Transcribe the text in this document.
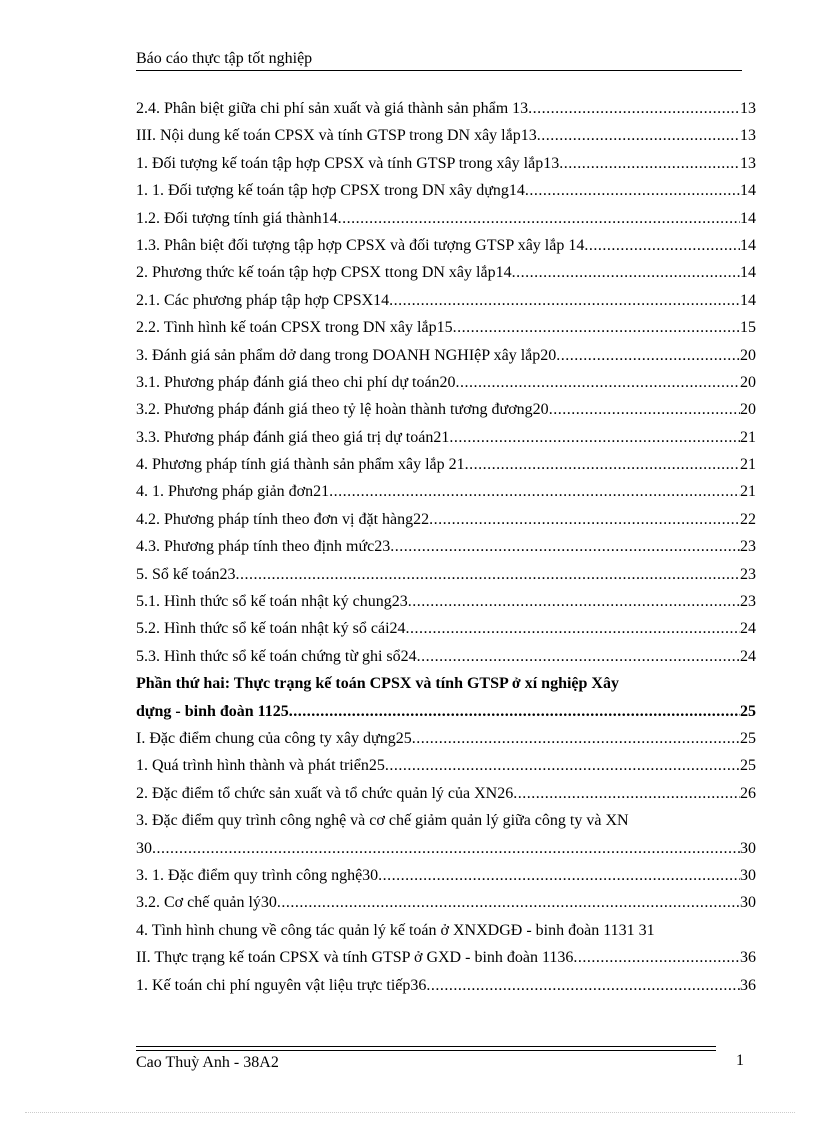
Báo cáo thực tập tốt nghiệp
2.4. Phân biệt giữa chi phí sản xuất và giá thành sản phẩm 13 .....	13
III. Nội dung kế toán CPSX và tính GTSP trong DN xây lắp13 .....	13
1. Đối tượng kế toán tập hợp CPSX và tính GTSP trong xây lắp13 .....	13
1. 1. Đối tượng kế toán tập hợp CPSX trong DN xây dựng14 .....	14
1.2. Đối tượng tính giá thành14 .....	14
1.3. Phân biệt đối tượng tập hợp CPSX và đối tượng GTSP xây lắp 14 .....	14
2. Phương thức kế toán tập hợp CPSX ttong DN xây lắp14 .....	14
2.1. Các phương pháp tập hợp CPSX14 .....	14
2.2. Tình hình kế toán CPSX trong DN xây lắp15 .....	15
3. Đánh giá sản phẩm dở dang trong DOANH NGHIệP xây lắp20 .....	20
3.1. Phương pháp đánh giá theo chi phí dự toán20 .....	20
3.2. Phương pháp đánh giá theo tỷ lệ hoàn thành tương đương20 .....	20
3.3. Phương pháp đánh giá theo giá trị dự toán21 .....	21
4. Phương pháp tính giá thành sản phẩm xây lắp 21 .....	21
4. 1. Phương pháp giản đơn21 .....	21
4.2. Phương pháp tính theo đơn vị đặt hàng22 .....	22
4.3. Phương pháp tính theo định mức23 .....	23
5. Sổ kế toán23 .....	23
5.1. Hình thức sổ kế toán nhật ký chung23 .....	23
5.2. Hình thức sổ kế toán nhật ký sổ cái24 .....	24
5.3. Hình thức sổ kế toán chứng từ ghi sổ24 .....	24
Phần thứ hai: Thực trạng kế toán CPSX và tính GTSP ở xí nghiệp Xây
dựng - binh đoàn 1125 .....	25
I. Đặc điểm chung của công ty xây dựng25 .....	25
1. Quá trình hình thành và phát triển25 .....	25
2. Đặc điểm tổ chức sản xuất và tổ chức quản lý của XN26 .....	26
3. Đặc điểm quy trình công nghệ và cơ chế giảm quản lý giữa công ty và XN
30 .....	30
3. 1. Đặc điểm quy trình công nghệ30 .....	30
3.2. Cơ chế quản lý30 .....	30
4. Tình hình chung về công tác quản lý kế toán ở XNXDGĐ - binh đoàn 1131 31
II. Thực trạng kế toán CPSX và tính GTSP ở GXD - binh đoàn 1136 .....	36
1. Kế toán chi phí nguyên vật liệu trực tiếp36 .....	36
Cao Thuỳ Anh - 38A2	1
